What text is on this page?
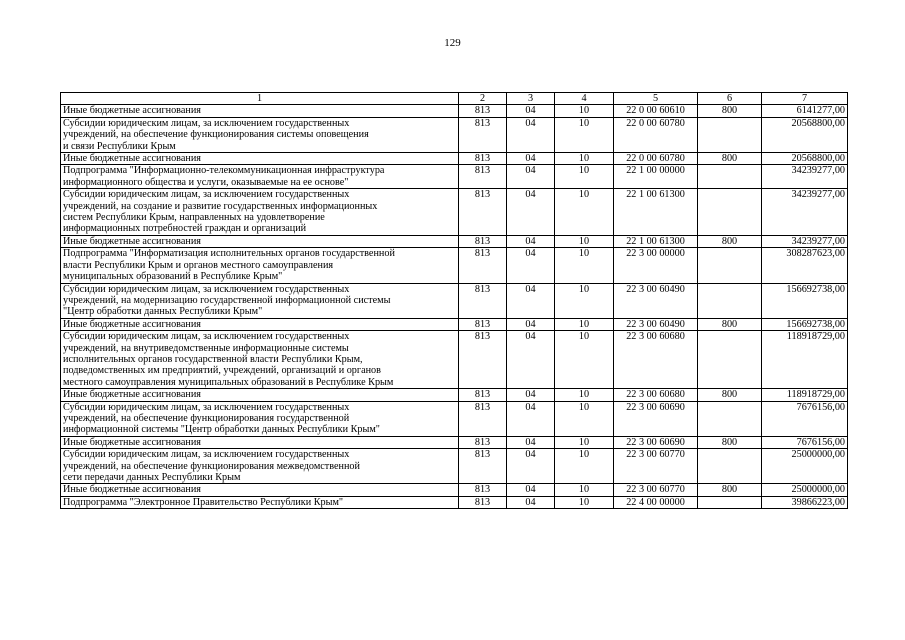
129
1	2	3	4	5	6	7

Иные бюджетные ассигнования	813	04	10	22 0 00 60610	800	6141277,00

Субсидии юридическим лицам, за исключением государственных
учреждений, на обеспечение функционирования системы оповещения
и связи Республики Крым	813	04	10	22 0 00 60780		20568800,00

Иные бюджетные ассигнования	813	04	10	22 0 00 60780	800	20568800,00

Подпрограмма "Информационно-телекоммуникационная инфраструктура
информационного общества и услуги, оказываемые на ее основе"	813	04	10	22 1 00 00000		34239277,00

Субсидии юридическим лицам, за исключением государственных
учреждений, на создание и развитие государственных информационных
систем Республики Крым, направленных на удовлетворение
информационных потребностей граждан и организаций	813	04	10	22 1 00 61300		34239277,00

Иные бюджетные ассигнования	813	04	10	22 1 00 61300	800	34239277,00

Подпрограмма "Информатизация исполнительных органов государственной
власти Республики Крым и органов местного самоуправления
муниципальных образований в Республике Крым"	813	04	10	22 3 00 00000		308287623,00

Субсидии юридическим лицам, за исключением государственных
учреждений, на модернизацию государственной информационной системы
"Центр обработки данных Республики Крым"	813	04	10	22 3 00 60490		156692738,00

Иные бюджетные ассигнования	813	04	10	22 3 00 60490	800	156692738,00

Субсидии юридическим лицам, за исключением государственных
учреждений, на внутриведомственные информационные системы
исполнительных органов государственной власти Республики Крым,
подведомственных им предприятий, учреждений, организаций и органов
местного самоуправления муниципальных образований в Республике Крым	813	04	10	22 3 00 60680		118918729,00

Иные бюджетные ассигнования	813	04	10	22 3 00 60680	800	118918729,00

Субсидии юридическим лицам, за исключением государственных
учреждений, на обеспечение функционирования государственной
информационной системы "Центр обработки данных Республики Крым"	813	04	10	22 3 00 60690		7676156,00

Иные бюджетные ассигнования	813	04	10	22 3 00 60690	800	7676156,00

Субсидии юридическим лицам, за исключением государственных
учреждений, на обеспечение функционирования межведомственной
сети передачи данных Республики Крым	813	04	10	22 3 00 60770		25000000,00

Иные бюджетные ассигнования	813	04	10	22 3 00 60770	800	25000000,00

Подпрограмма "Электронное Правительство Республики Крым"	813	04	10	22 4 00 00000		39866223,00
